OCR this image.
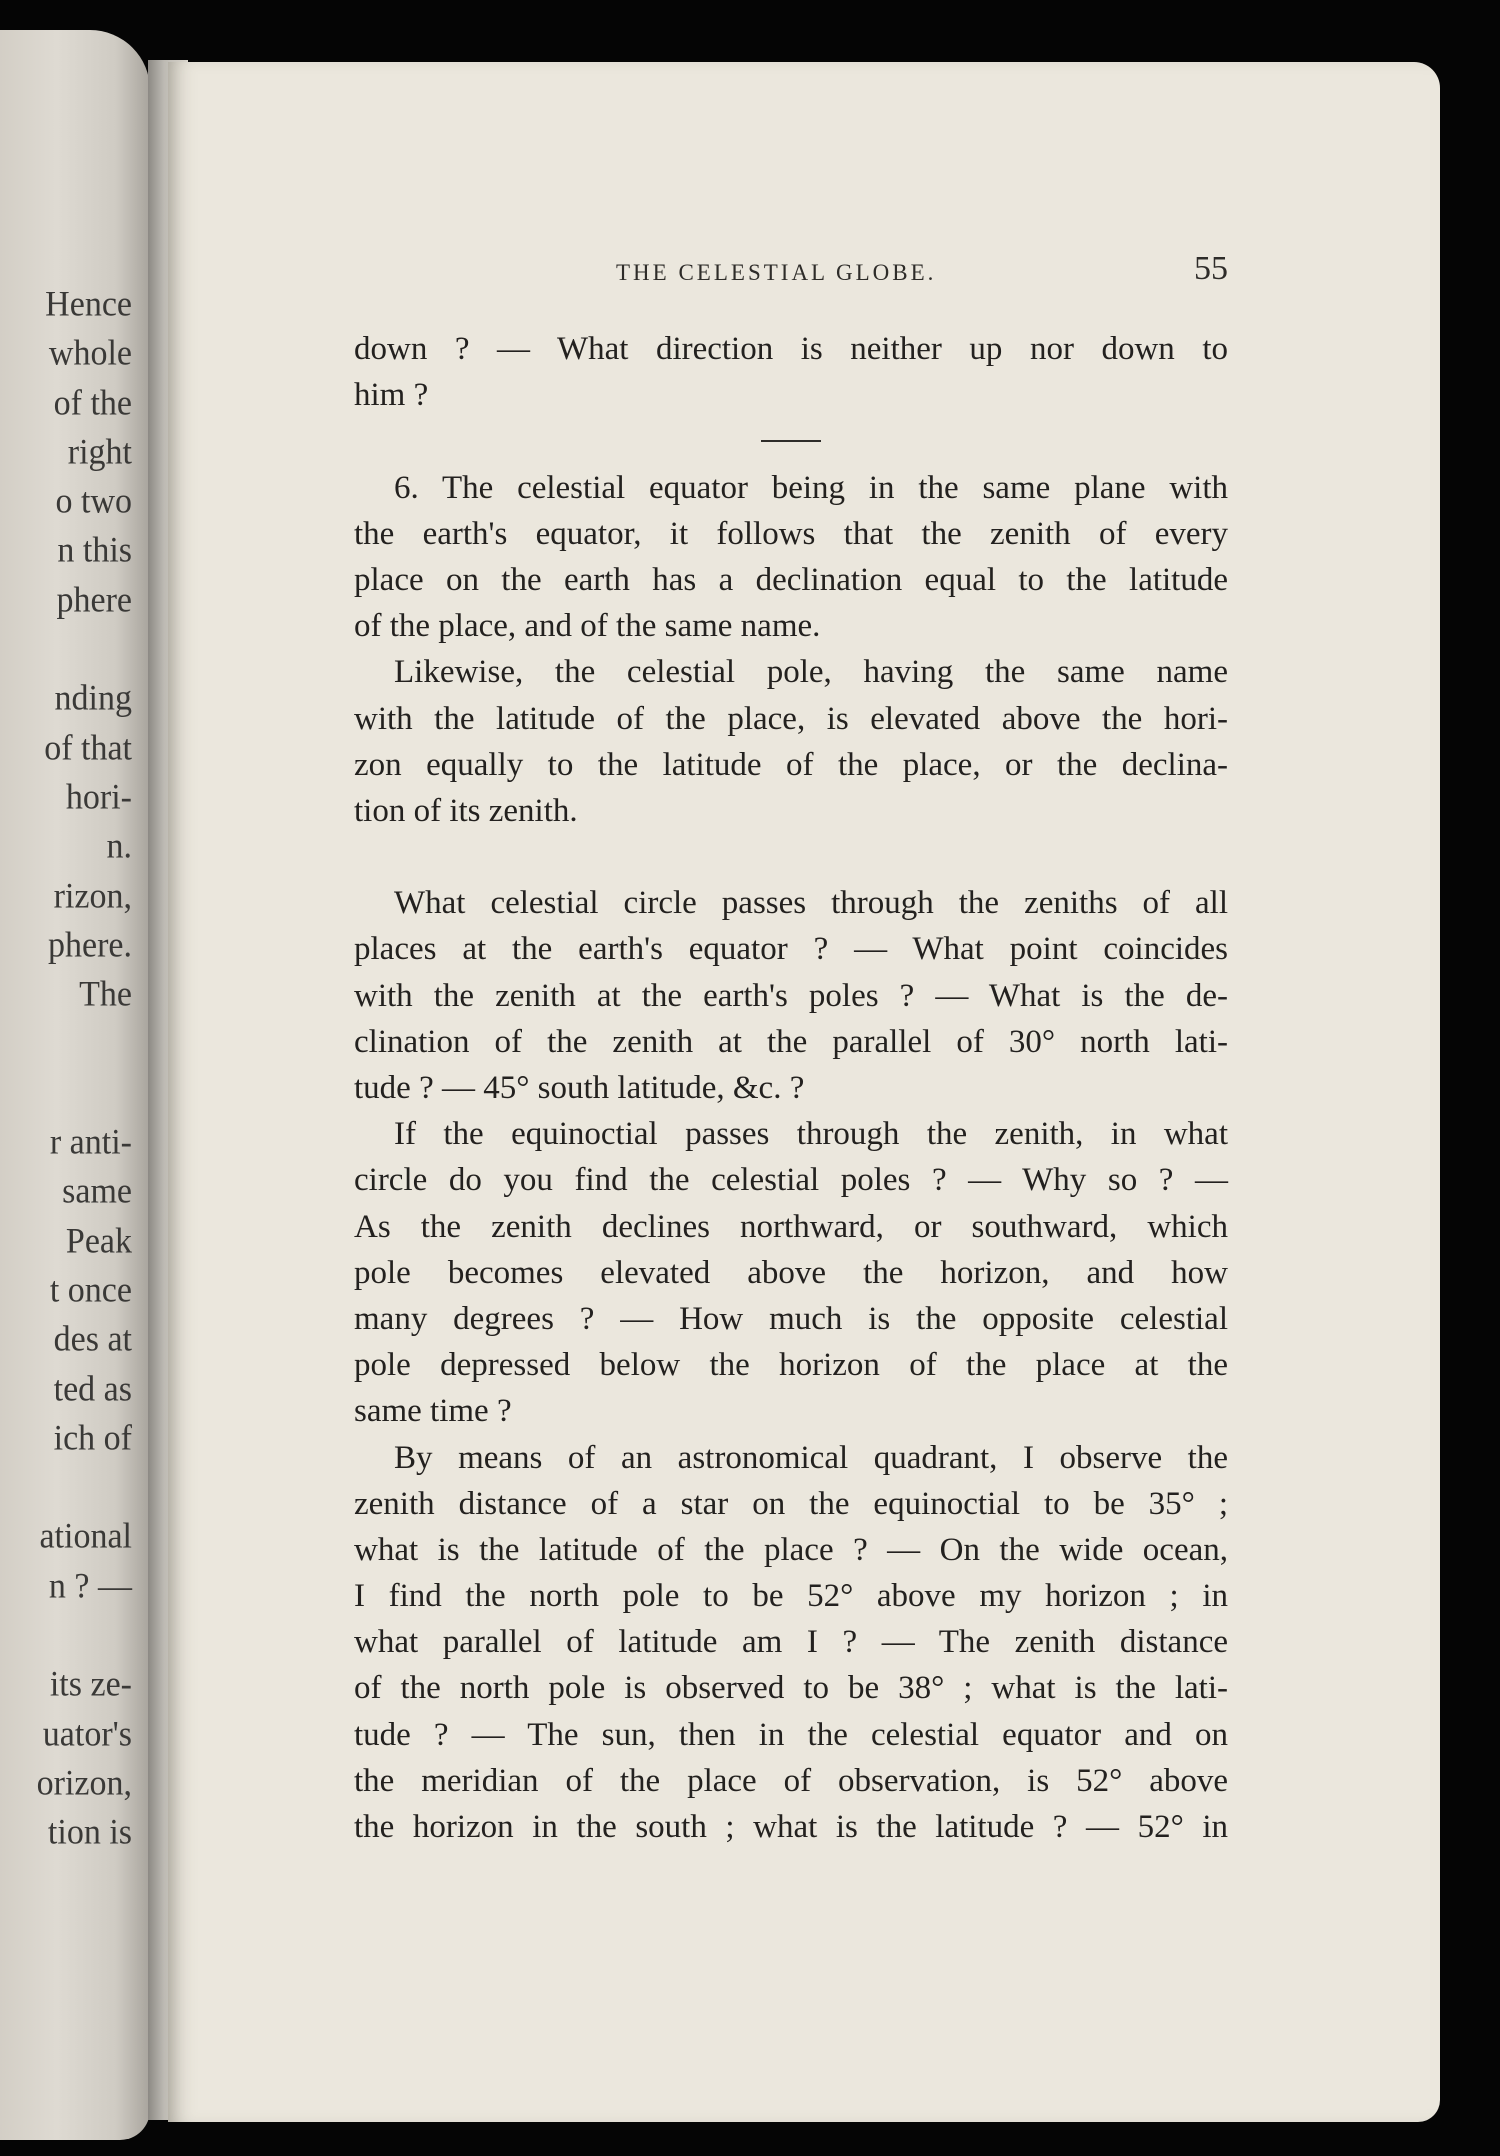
Hence
whole
of the
right
o two
n this
phere
nding
of that
hori-
n.
rizon,
phere.
The
r anti-
same
Peak
t once
des at
ted as
ich of
ational
n ? —
its ze-
uator's
orizon,
tion is
THE CELESTIAL GLOBE.	55
down ? — What direction is neither up nor down to
him ?
6. The celestial equator being in the same plane with
the earth's equator, it follows that the zenith of every
place on the earth has a declination equal to the latitude
of the place, and of the same name.
Likewise, the celestial pole, having the same name
with the latitude of the place, is elevated above the hori-
zon equally to the latitude of the place, or the declina-
tion of its zenith.
What celestial circle passes through the zeniths of all
places at the earth's equator ? — What point coincides
with the zenith at the earth's poles ? — What is the de-
clination of the zenith at the parallel of 30° north lati-
tude ? — 45° south latitude, &c. ?
If the equinoctial passes through the zenith, in what
circle do you find the celestial poles ? — Why so ? —
As the zenith declines northward, or southward, which
pole becomes elevated above the horizon, and how
many degrees ? — How much is the opposite celestial
pole depressed below the horizon of the place at the
same time ?
By means of an astronomical quadrant, I observe the
zenith distance of a star on the equinoctial to be 35° ;
what is the latitude of the place ? — On the wide ocean,
I find the north pole to be 52° above my horizon ; in
what parallel of latitude am I ? — The zenith distance
of the north pole is observed to be 38° ; what is the lati-
tude ? — The sun, then in the celestial equator and on
the meridian of the place of observation, is 52° above
the horizon in the south ; what is the latitude ? — 52° in
